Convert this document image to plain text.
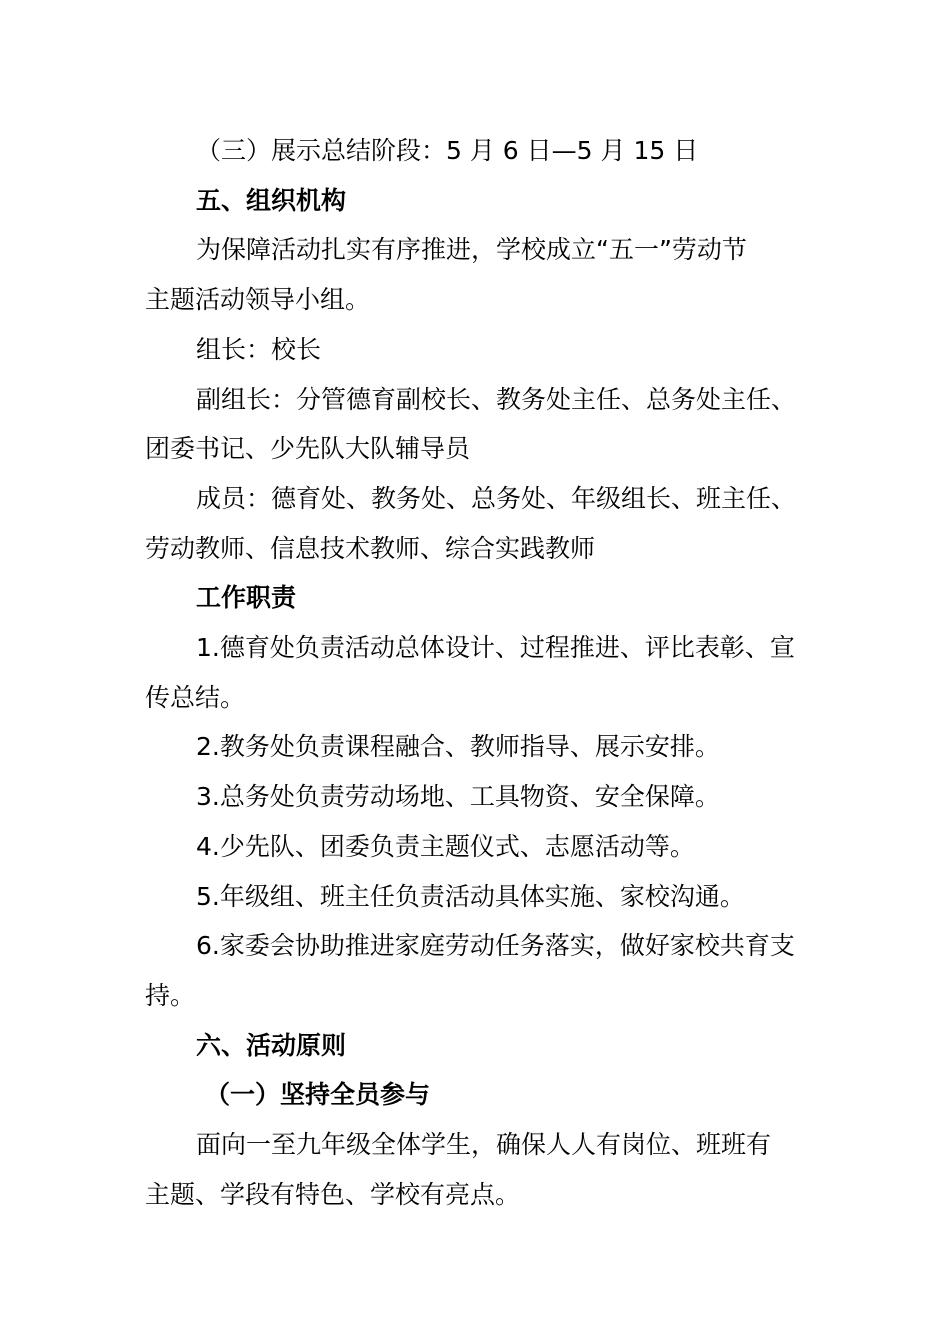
（三）展示总结阶段：5 月 6 日—5 月 15 日
五、组织机构
为保障活动扎实有序推进，学校成立“五一”劳动节
主题活动领导小组。
组长：校长
副组长：分管德育副校长、教务处主任、总务处主任、
团委书记、少先队大队辅导员
成员：德育处、教务处、总务处、年级组长、班主任、
劳动教师、信息技术教师、综合实践教师
工作职责
1.德育处负责活动总体设计、过程推进、评比表彰、宣
传总结。
2.教务处负责课程融合、教师指导、展示安排。
3.总务处负责劳动场地、工具物资、安全保障。
4.少先队、团委负责主题仪式、志愿活动等。
5.年级组、班主任负责活动具体实施、家校沟通。
6.家委会协助推进家庭劳动任务落实，做好家校共育支
持。
六、活动原则
（一）坚持全员参与
面向一至九年级全体学生，确保人人有岗位、班班有
主题、学段有特色、学校有亮点。
